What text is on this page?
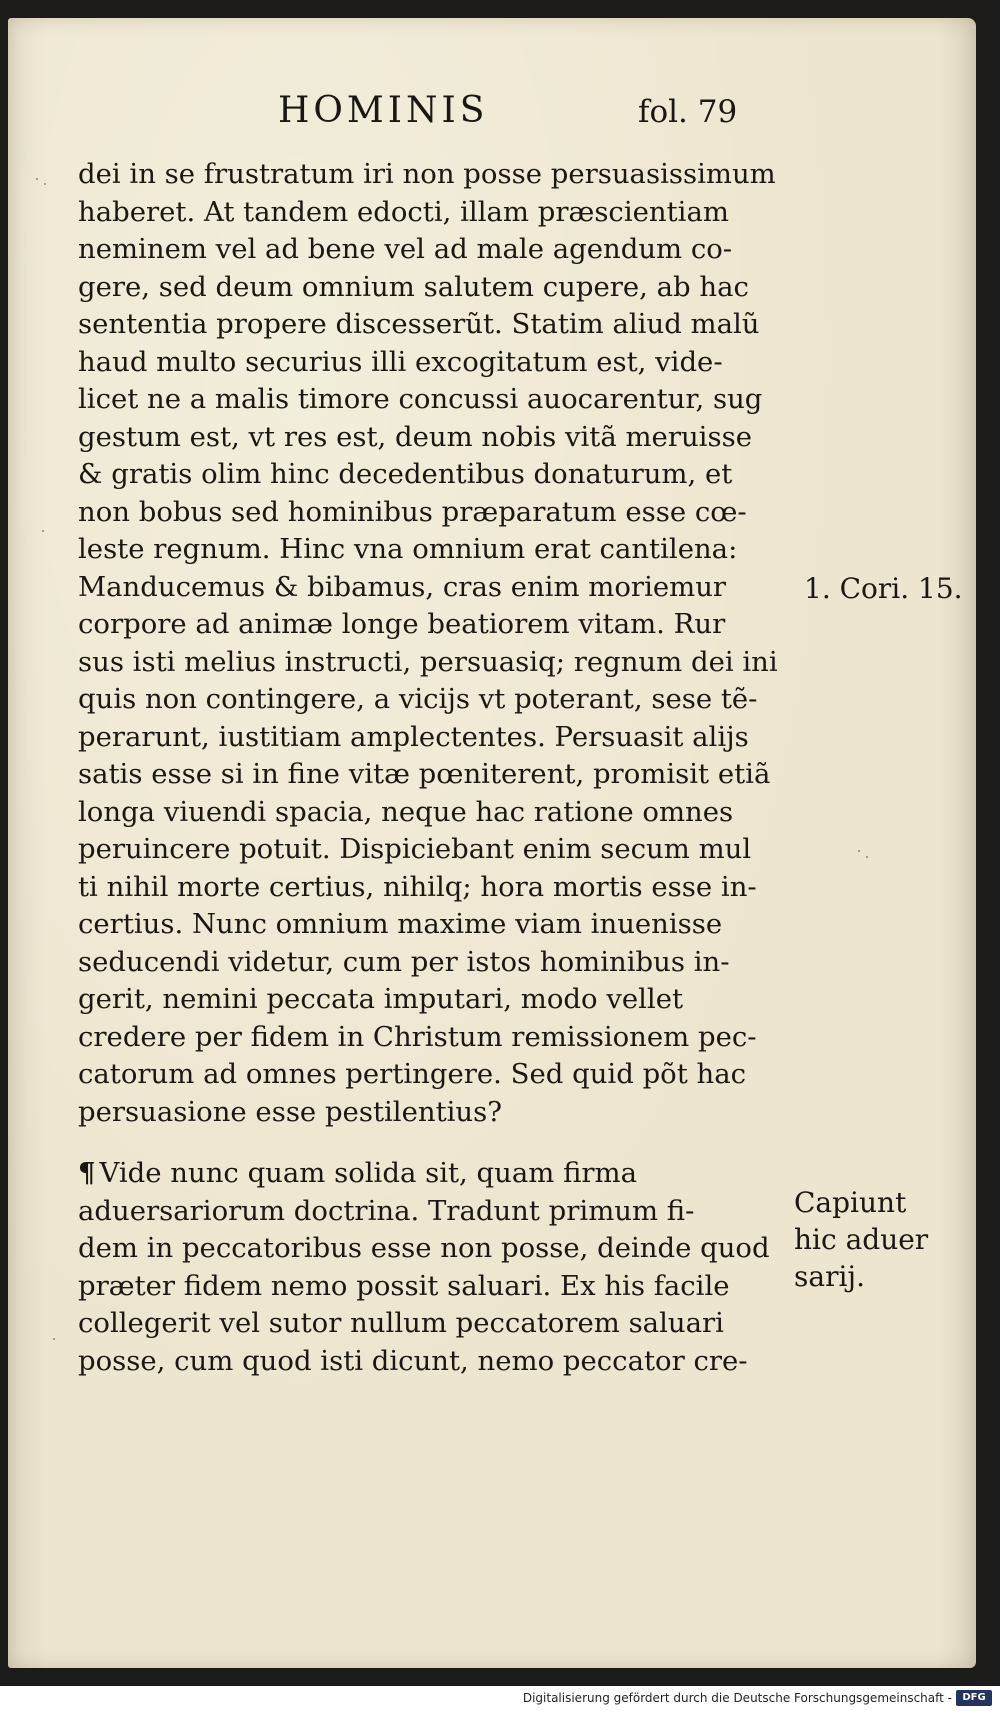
HOMINIS	fol. 79
dei in se frustratum iri non posse persuasissimum
haberet. At tandem edocti, illam præscientiam
neminem vel ad bene vel ad male agendum co-
gere, sed deum omnium salutem cupere, ab hac
sententia propere discesserũt. Statim aliud malũ
haud multo securius illi excogitatum est, vide-
licet ne a malis timore concussi auocarentur, sug
gestum est, vt res est, deum nobis vitã meruisse
& gratis olim hinc decedentibus donaturum, et
non bobus sed hominibus præparatum esse cœ-
leste regnum. Hinc vna omnium erat cantilena:
Manducemus & bibamus, cras enim moriemur
corpore ad animæ longe beatiorem vitam. Rur
sus isti melius instructi, persuasiq; regnum dei ini
quis non contingere, a vicijs vt poterant, sese tẽ-
perarunt, iustitiam amplectentes. Persuasit alijs
satis esse si in fine vitæ pœniterent, promisit etiã
longa viuendi spacia, neque hac ratione omnes
peruincere potuit. Dispiciebant enim secum mul
ti nihil morte certius, nihilq; hora mortis esse in-
certius. Nunc omnium maxime viam inuenisse
seducendi videtur, cum per istos hominibus in-
gerit, nemini peccata imputari, modo vellet
credere per fidem in Christum remissionem pec-
catorum ad omnes pertingere. Sed quid põt hac
persuasione esse pestilentius?
¶ Vide nunc quam solida sit, quam firma
aduersariorum doctrina. Tradunt primum fi-
dem in peccatoribus esse non posse, deinde quod
præter fidem nemo possit saluari. Ex his facile
collegerit vel sutor nullum peccatorem saluari
posse, cum quod isti dicunt, nemo peccator cre-
1. Cori. 15.
Capiunt
hic aduer
sarij.
Digitalisierung gefördert durch die Deutsche Forschungsgemeinschaft -	DFG
